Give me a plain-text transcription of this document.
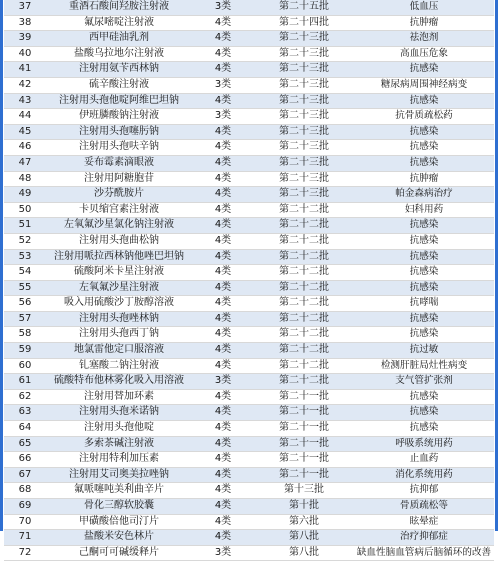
37	重酒石酸间羟胺注射液	3类	第二十五批	低血压
38	氟尿嘧啶注射液	4类	第二十四批	抗肿瘤
39	西甲硅油乳剂	4类	第二十三批	祛泡剂
40	盐酸乌拉地尔注射液	4类	第二十三批	高血压危象
41	注射用氨苄西林钠	4类	第二十三批	抗感染
42	硫辛酸注射液	3类	第二十三批	糖尿病周围神经病变
43	注射用头孢他啶阿维巴坦钠	4类	第二十三批	抗感染
44	伊班膦酸钠注射液	3类	第二十三批	抗骨质疏松药
45	注射用头孢噻肟钠	4类	第二十三批	抗感染
46	注射用头孢呋辛钠	4类	第二十三批	抗感染
47	妥布霉素滴眼液	4类	第二十三批	抗感染
48	注射用阿糖胞苷	4类	第二十三批	抗肿瘤
49	沙芬酰胺片	4类	第二十三批	帕金森病治疗
50	卡贝缩宫素注射液	4类	第二十二批	妇科用药
51	左氧氟沙星氯化钠注射液	4类	第二十二批	抗感染
52	注射用头孢曲松钠	4类	第二十二批	抗感染
53	注射用哌拉西林钠他唑巴坦钠	4类	第二十二批	抗感染
54	硫酸阿米卡星注射液	4类	第二十二批	抗感染
55	左氧氟沙星注射液	4类	第二十二批	抗感染
56	吸入用硫酸沙丁胺醇溶液	4类	第二十二批	抗哮喘
57	注射用头孢唑林钠	4类	第二十二批	抗感染
58	注射用头孢西丁钠	4类	第二十二批	抗感染
59	地氯雷他定口服溶液	4类	第二十二批	抗过敏
60	钆塞酸二钠注射液	4类	第二十二批	检测肝脏局灶性病变
61	硫酸特布他林雾化吸入用溶液	3类	第二十二批	支气管扩张剂
62	注射用替加环素	4类	第二十一批	抗感染
63	注射用头孢米诺钠	4类	第二十一批	抗感染
64	注射用头孢他啶	4类	第二十一批	抗感染
65	多索茶碱注射液	4类	第二十一批	呼吸系统用药
66	注射用特利加压素	4类	第二十一批	止血药
67	注射用艾司奥美拉唑钠	4类	第二十一批	消化系统用药
68	氟哌噻吨美利曲辛片	4类	第十三批	抗抑郁
69	骨化三醇软胶囊	4类	第十批	骨质疏松等
70	甲磺酸倍他司汀片	4类	第六批	眩晕症
71	盐酸米安色林片	4类	第八批	治疗抑郁症
72	己酮可可碱缓释片	3类	第八批	缺血性脑血管病后脑循环的改善
